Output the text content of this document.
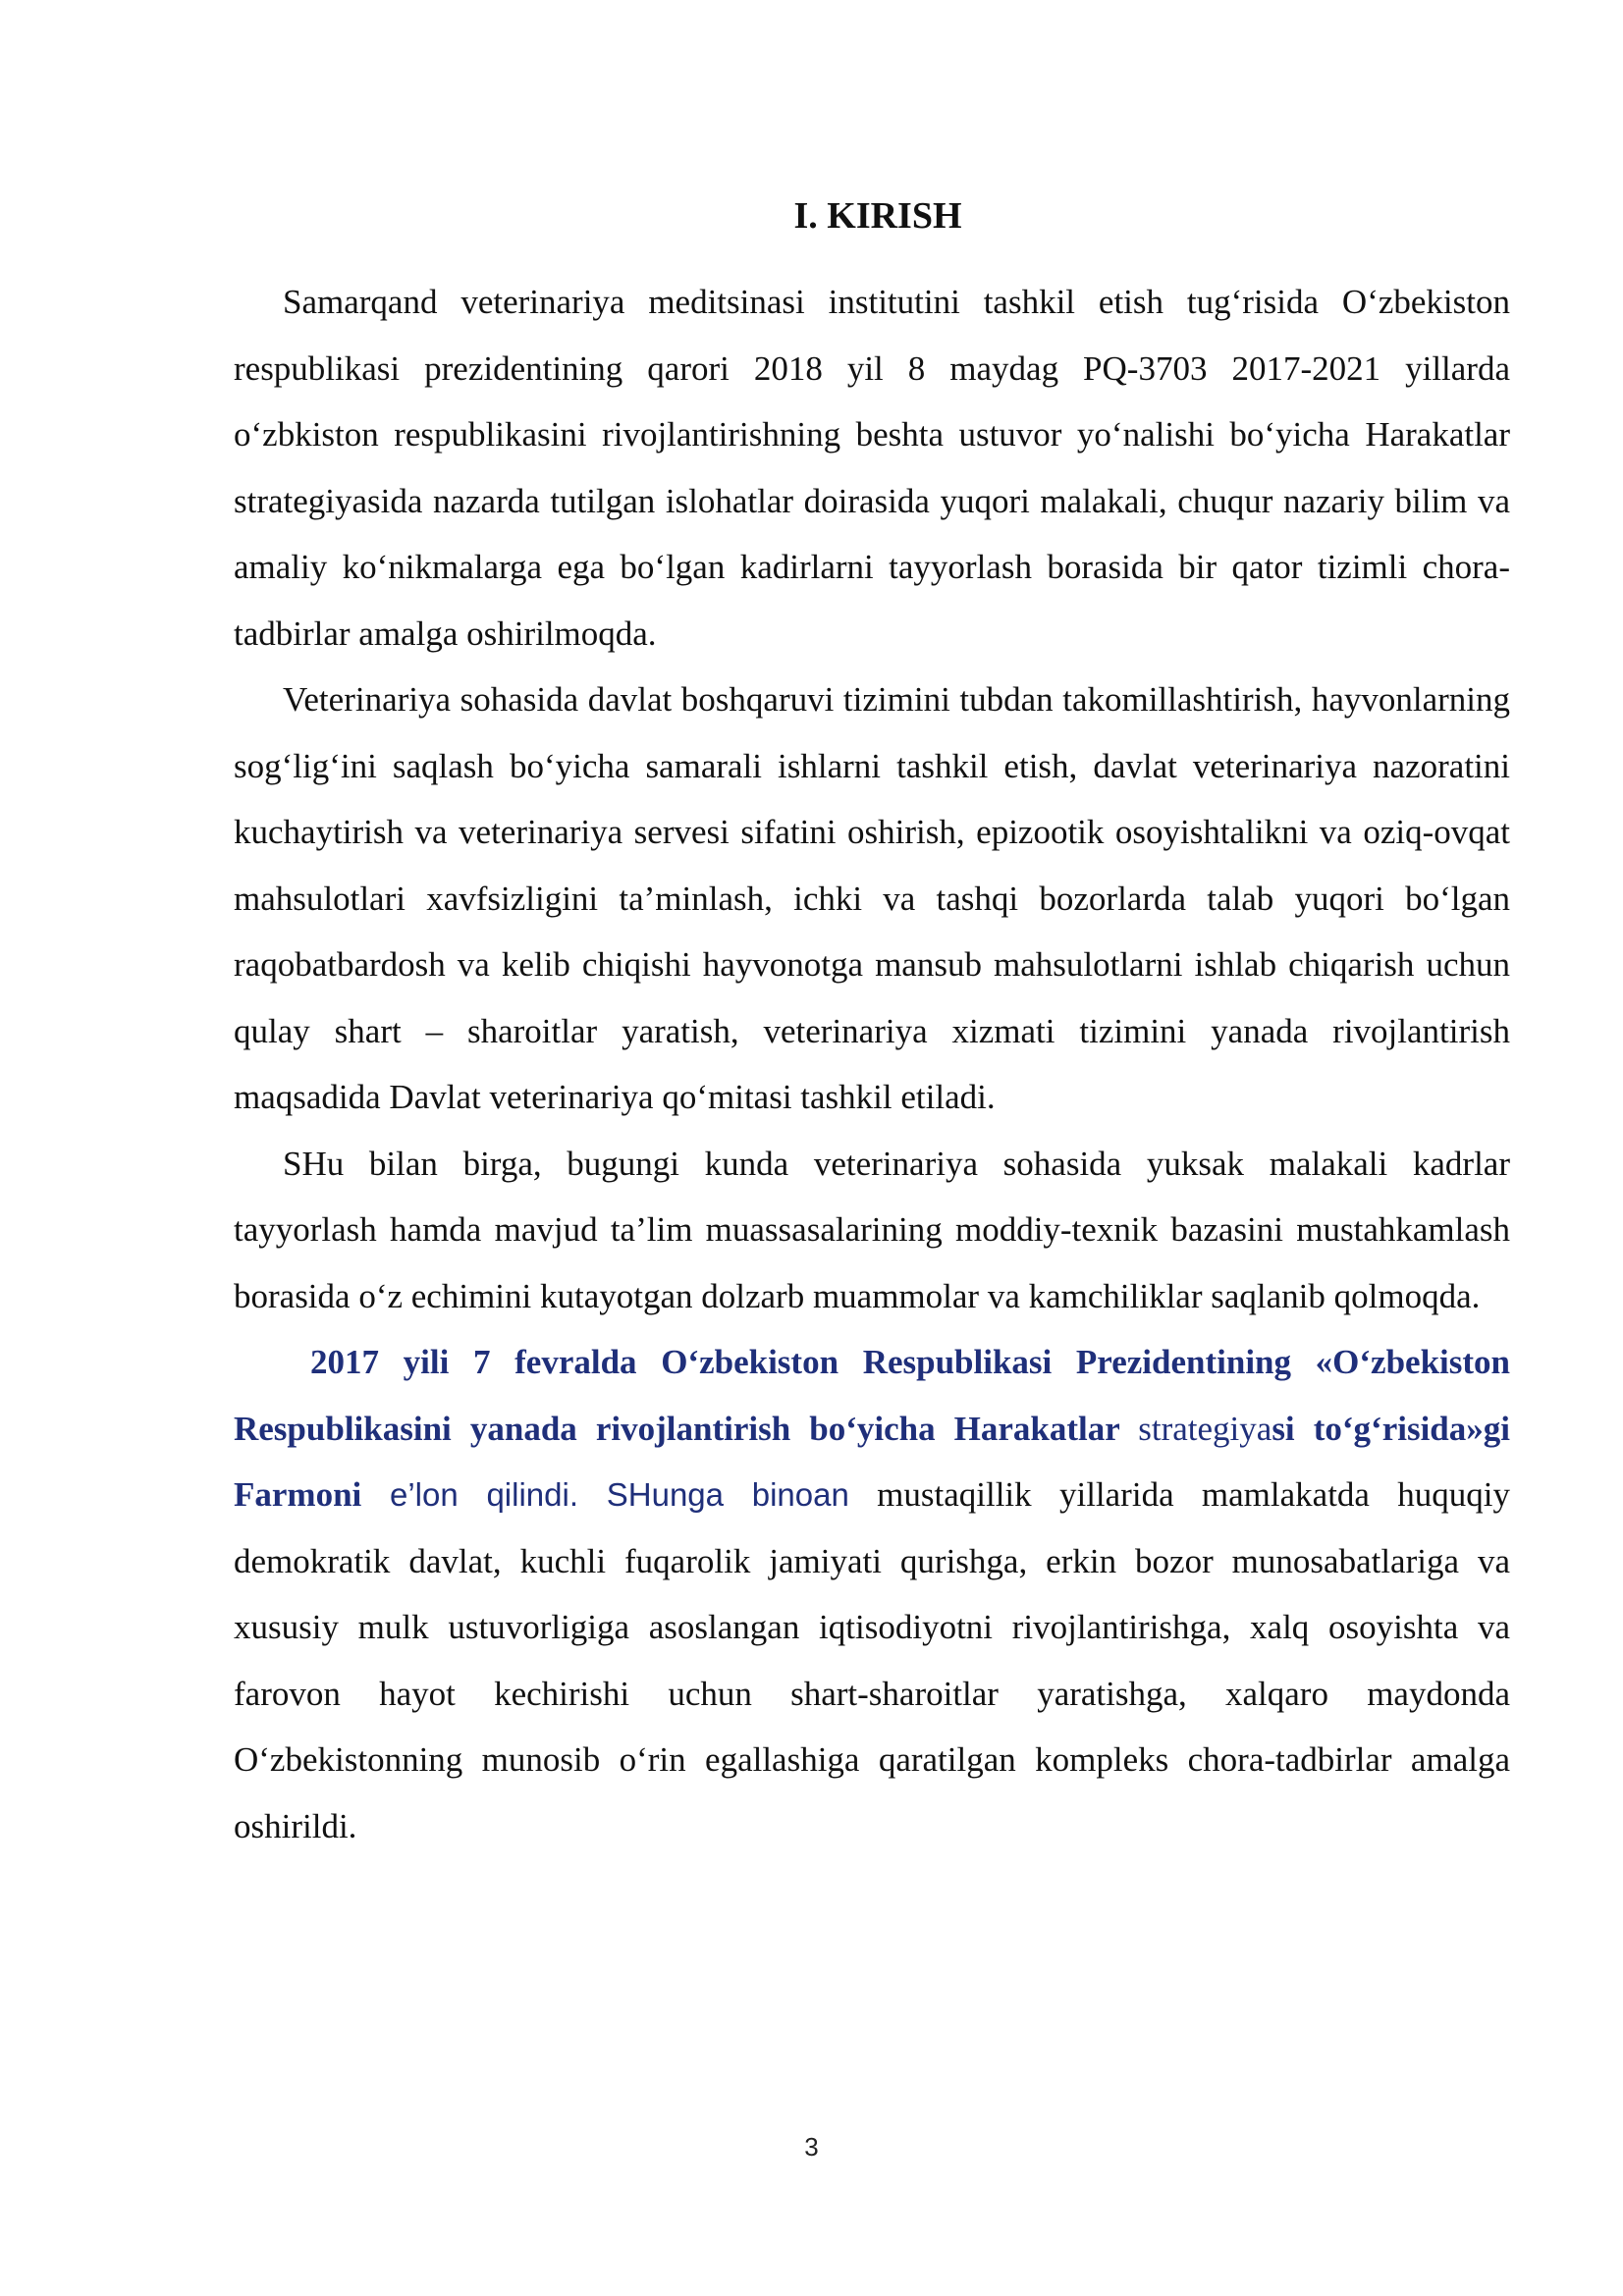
I. KIRISH

Samarqand veterinariya meditsinasi institutini tashkil etish tug‘risida O‘zbekiston respublikasi prezidentining qarori 2018 yil 8 maydag PQ-3703 2017-2021 yillarda o‘zbkiston respublikasini rivojlantirishning beshta ustuvor yo‘nalishi bo‘yicha Harakatlar strategiyasida nazarda tutilgan islohatlar doirasida yuqori malakali, chuqur nazariy bilim va amaliy ko‘nikmalarga ega bo‘lgan kadirlarni tayyorlash borasida bir qator tizimli chora-tadbirlar amalga oshirilmoqda.

Veterinariya sohasida davlat boshqaruvi tizimini tubdan takomillashtirish, hayvonlarning sog‘lig‘ini saqlash bo‘yicha samarali ishlarni tashkil etish, davlat veterinariya nazoratini kuchaytirish va veterinariya servesi sifatini oshirish, epizootik osoyishtalikni va oziq-ovqat mahsulotlari xavfsizligini ta’minlash, ichki va tashqi bozorlarda talab yuqori bo‘lgan raqobatbardosh va kelib chiqishi hayvonotga mansub mahsulotlarni ishlab chiqarish uchun qulay shart – sharoitlar yaratish, veterinariya xizmati tizimini yanada rivojlantirish maqsadida Davlat veterinariya qo‘mitasi tashkil etiladi.

SHu bilan birga, bugungi kunda veterinariya sohasida yuksak malakali kadrlar tayyorlash hamda mavjud ta’lim muassasalarining moddiy-texnik bazasini mustahkamlash borasida o‘z echimini kutayotgan dolzarb muammolar va kamchiliklar saqlanib qolmoqda.

2017 yili 7 fevralda O‘zbekiston Respublikasi Prezidentining «O‘zbekiston Respublikasini yanada rivojlantirish bo‘yicha Harakatlar strategiyasi to‘g‘risida»gi Farmoni e’lon qilindi. SHunga binoan mustaqillik yillarida mamlakatda huquqiy demokratik davlat, kuchli fuqarolik jamiyati qurishga, erkin bozor munosabatlariga va xususiy mulk ustuvorligiga asoslangan iqtisodiyotni rivojlantirishga, xalq osoyishta va farovon hayot kechirishi uchun shart-sharoitlar yaratishga, xalqaro maydonda O‘zbekistonning munosib o‘rin egallashiga qaratilgan kompleks chora-tadbirlar amalga oshirildi.

3
